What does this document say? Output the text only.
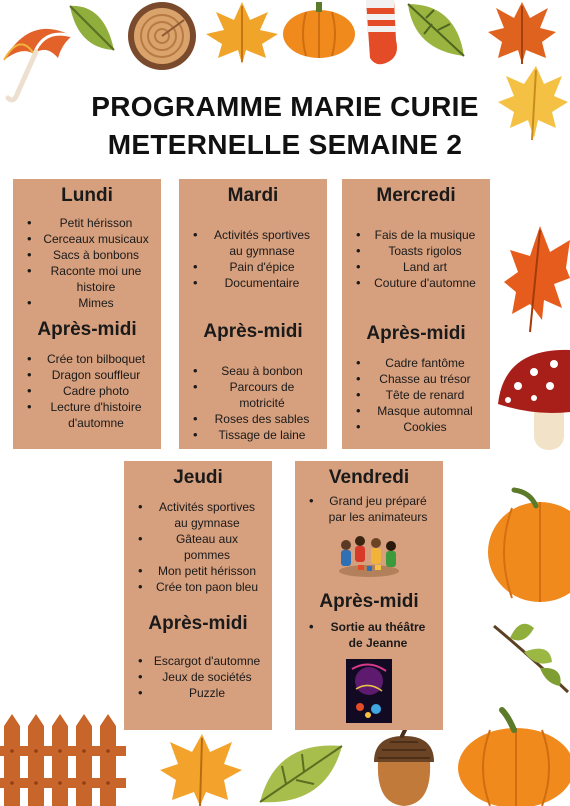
PROGRAMME MARIE CURIE
METERNELLE SEMAINE 2
Lundi
• Petit hérisson
• Cerceaux musicaux
• Sacs à bonbons
• Raconte moi une histoire
• Mimes
Après-midi
• Crée ton bilboquet
• Dragon souffleur
• Cadre photo
• Lecture d'histoire d'automne
Mardi
• Activités sportives au gymnase
• Pain d'épice
• Documentaire
Après-midi
• Seau à bonbon
• Parcours de motricité
• Roses des sables
• Tissage de laine
Mercredi
• Fais de la musique
• Toasts rigolos
• Land art
• Couture d'automne
Après-midi
• Cadre fantôme
• Chasse au trésor
• Tête de renard
• Masque automnal
• Cookies
Jeudi
• Activités sportives au gymnase
• Gâteau aux pommes
• Mon petit hérisson
• Crée ton paon bleu
Après-midi
• Escargot d'automne
• Jeux de sociétés
• Puzzle
Vendredi
• Grand jeu préparé par les animateurs
Après-midi
• Sortie au théâtre de Jeanne
